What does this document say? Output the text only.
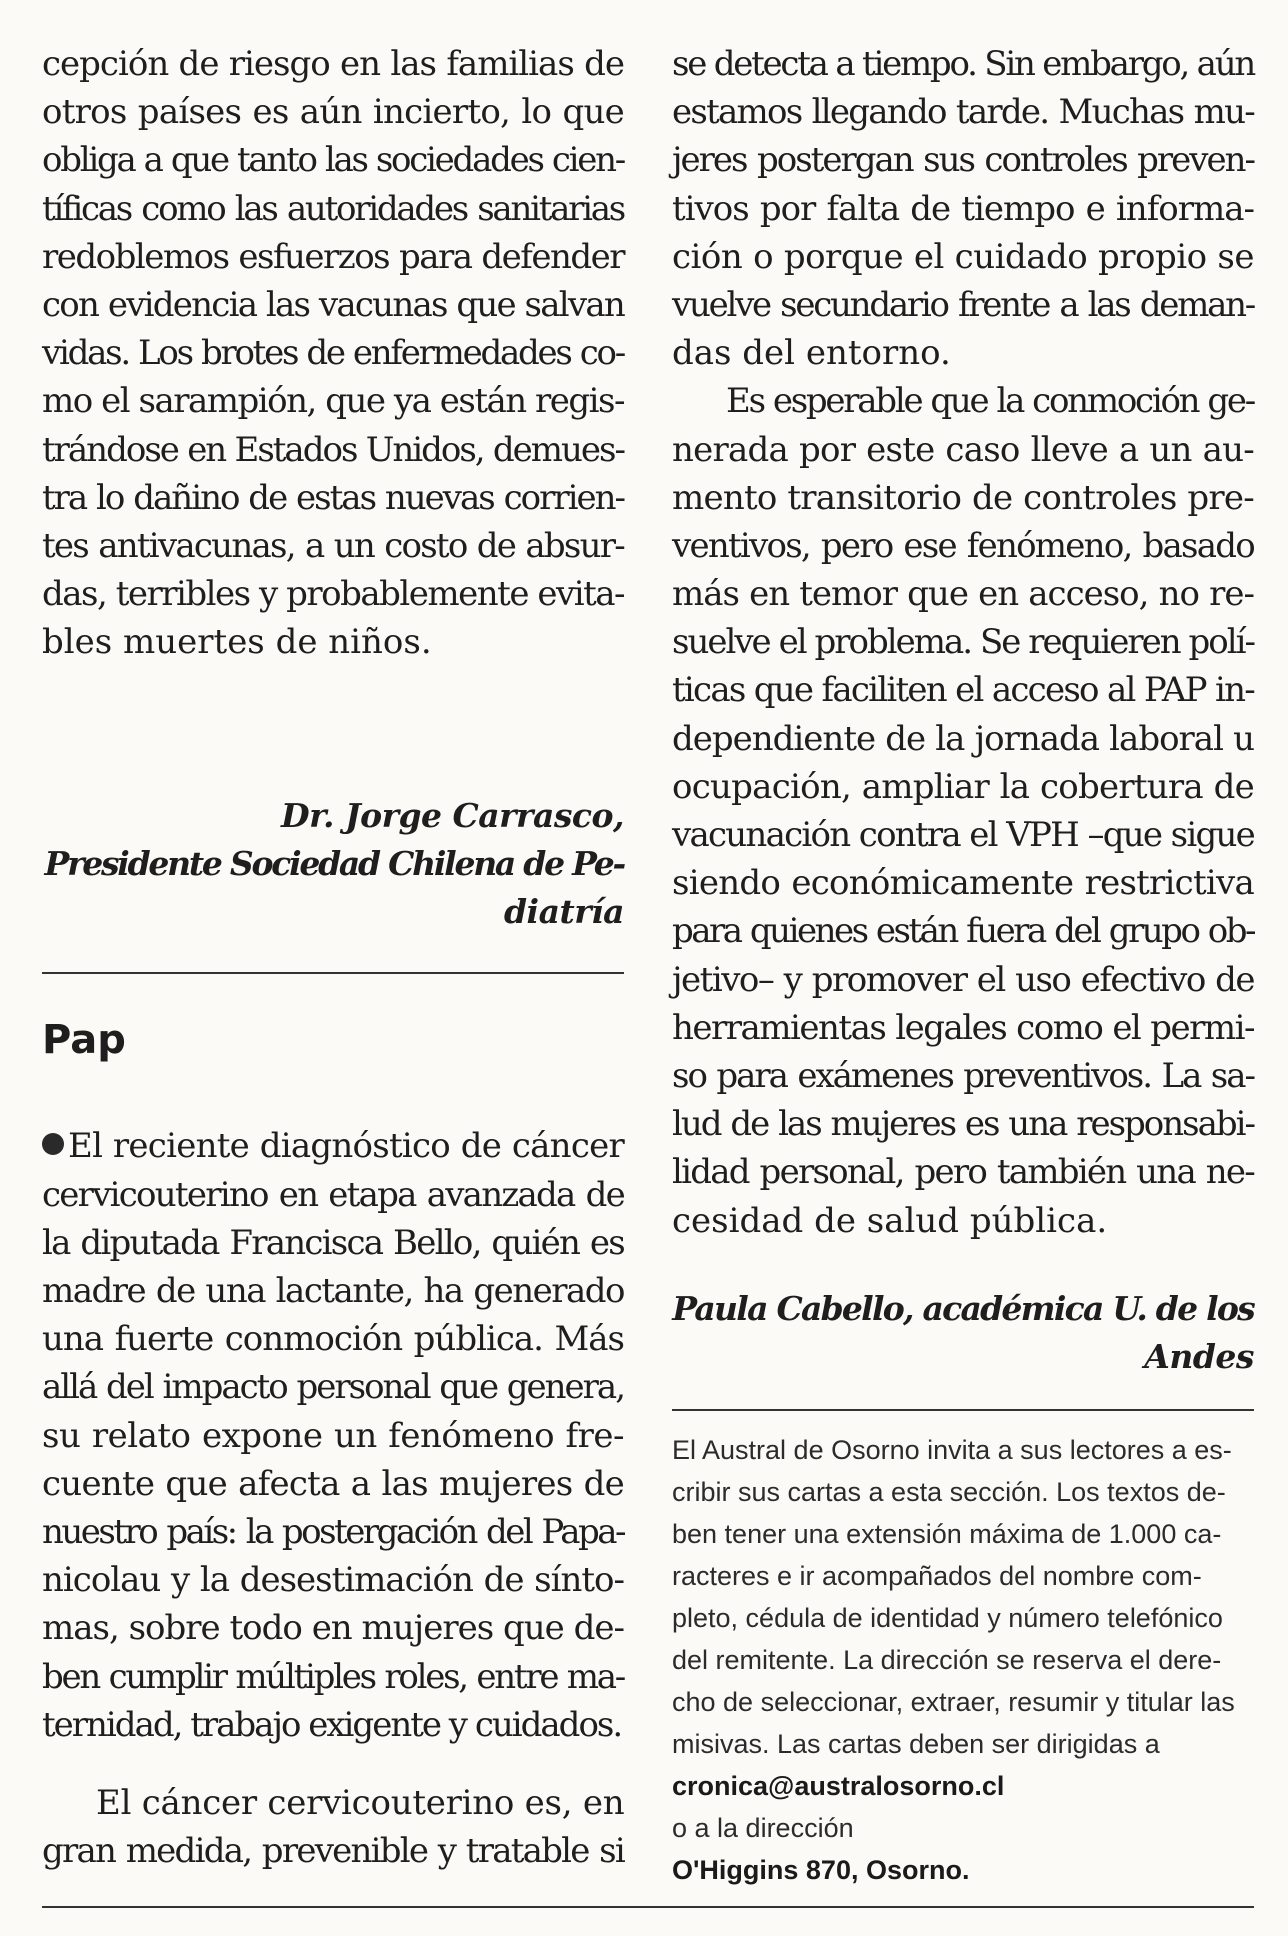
cepción de riesgo en las familias de
otros países es aún incierto, lo que
obliga a que tanto las sociedades cien-
tíficas como las autoridades sanitarias
redoblemos esfuerzos para defender
con evidencia las vacunas que salvan
vidas. Los brotes de enfermedades co-
mo el sarampión, que ya están regis-
trándose en Estados Unidos, demues-
tra lo dañino de estas nuevas corrien-
tes antivacunas, a un costo de absur-
das, terribles y probablemente evita-
bles muertes de niños.
Dr. Jorge Carrasco,
Presidente Sociedad Chilena de Pe-
diatría
Pap
El reciente diagnóstico de cáncer
cervicouterino en etapa avanzada de
la diputada Francisca Bello, quién es
madre de una lactante, ha generado
una fuerte conmoción pública. Más
allá del impacto personal que genera,
su relato expone un fenómeno fre-
cuente que afecta a las mujeres de
nuestro país: la postergación del Papa-
nicolau y la desestimación de sínto-
mas, sobre todo en mujeres que de-
ben cumplir múltiples roles, entre ma-
ternidad, trabajo exigente y cuidados.
El cáncer cervicouterino es, en
gran medida, prevenible y tratable si
se detecta a tiempo. Sin embargo, aún
estamos llegando tarde. Muchas mu-
jeres postergan sus controles preven-
tivos por falta de tiempo e informa-
ción o porque el cuidado propio se
vuelve secundario frente a las deman-
das del entorno.
Es esperable que la conmoción ge-
nerada por este caso lleve a un au-
mento transitorio de controles pre-
ventivos, pero ese fenómeno, basado
más en temor que en acceso, no re-
suelve el problema. Se requieren polí-
ticas que faciliten el acceso al PAP in-
dependiente de la jornada laboral u
ocupación, ampliar la cobertura de
vacunación contra el VPH –que sigue
siendo económicamente restrictiva
para quienes están fuera del grupo ob-
jetivo– y promover el uso efectivo de
herramientas legales como el permi-
so para exámenes preventivos. La sa-
lud de las mujeres es una responsabi-
lidad personal, pero también una ne-
cesidad de salud pública.
Paula Cabello, académica U. de los
Andes
El Austral de Osorno invita a sus lectores a es-
cribir sus cartas a esta sección. Los textos de-
ben tener una extensión máxima de 1.000 ca-
racteres e ir acompañados del nombre com-
pleto, cédula de identidad y número telefónico
del remitente. La dirección se reserva el dere-
cho de seleccionar, extraer, resumir y titular las
misivas. Las cartas deben ser dirigidas a
cronica@australosorno.cl
o a la dirección
O'Higgins 870, Osorno.
